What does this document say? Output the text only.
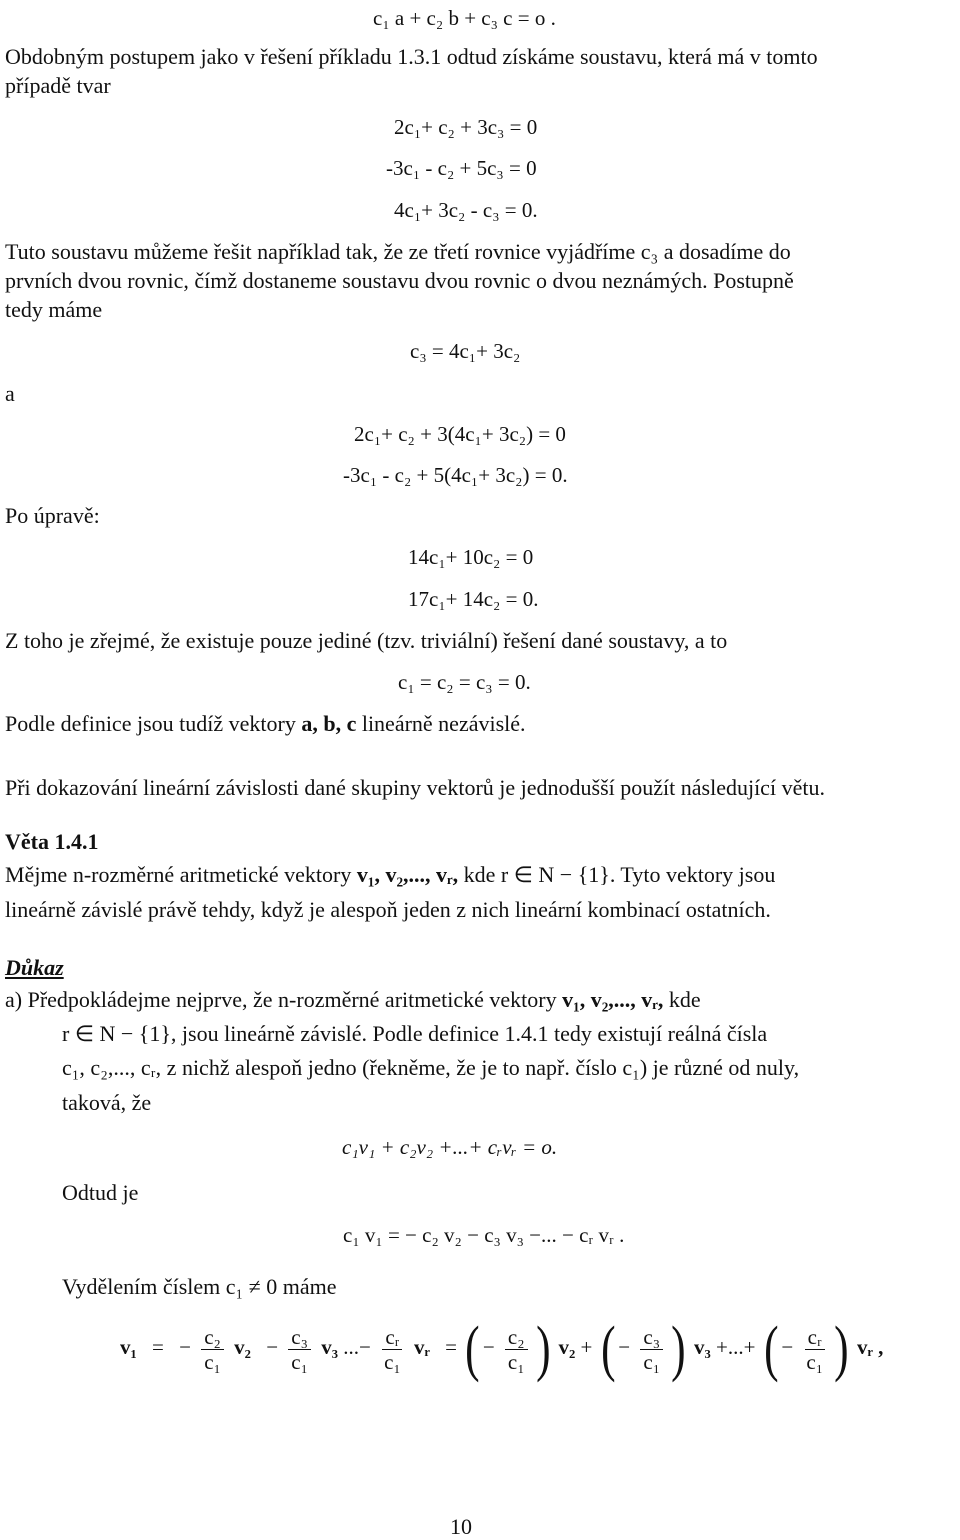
c₁ a + c₂ b + c₃ c = o .
Obdobným postupem jako v řešení příkladu 1.3.1 odtud získáme soustavu, která má v tomto
případě tvar
2c₁+ c₂ + 3c₃ = 0
-3c₁ - c₂ + 5c₃ = 0
4c₁+ 3c₂ - c₃ = 0.
Tuto soustavu můžeme řešit například tak, že ze třetí rovnice vyjádříme c₃ a dosadíme do
prvních dvou rovnic, čímž dostaneme soustavu dvou rovnic o dvou neznámých. Postupně
tedy máme
c₃ = 4c₁+ 3c₂
a
2c₁+ c₂ + 3(4c₁+ 3c₂) = 0
-3c₁ - c₂ + 5(4c₁+ 3c₂) = 0.
Po úpravě:
14c₁+ 10c₂ = 0
17c₁+ 14c₂ = 0.
Z toho je zřejmé, že existuje pouze jediné (tzv. triviální) řešení dané soustavy, a to
c₁ = c₂ = c₃ = 0.
Podle definice jsou tudíž vektory a, b, c lineárně nezávislé.
Při dokazování lineární závislosti dané skupiny vektorů je jednodušší použít následující větu.
Věta 1.4.1
Mějme n-rozměrné aritmetické vektory v₁, v₂,..., vᵣ, kde r ∈ N − {1}. Tyto vektory jsou
lineárně závislé právě tehdy, když je alespoň jeden z nich lineární kombinací ostatních.
Důkaz
a) Předpokládejme nejprve, že n-rozměrné aritmetické vektory v₁, v₂,..., vᵣ, kde
r ∈ N − {1}, jsou lineárně závislé. Podle definice 1.4.1 tedy existují reálná čísla
c₁, c₂,..., cᵣ, z nichž alespoň jedno (řekněme, že je to např. číslo c₁) je různé od nuly,
taková, že
c₁v₁ + c₂v₂ +...+ cᵣvᵣ = o.
Odtud je
c₁ v₁ = − c₂ v₂ − c₃ v₃ −... − cᵣ vᵣ .
Vydělením číslem c₁ ≠ 0 máme
v₁ = − $\frac{\text{c₂}}{\text{c₁}} v_2 - \frac{\text{c₃}}{\text{c₁}} v_3$ ...− $\frac{\text{cᵣ}}{\text{c₁}}$ vᵣ = ( − $\frac{\text{c₂}}{\text{c₁}}$ ) v₂ + ( − $\frac{\text{c₃}}{\text{c₁}}$ ) v₃ +...+ ( − $\frac{\text{cᵣ}}{\text{c₁}}$ ) vᵣ ,
10
